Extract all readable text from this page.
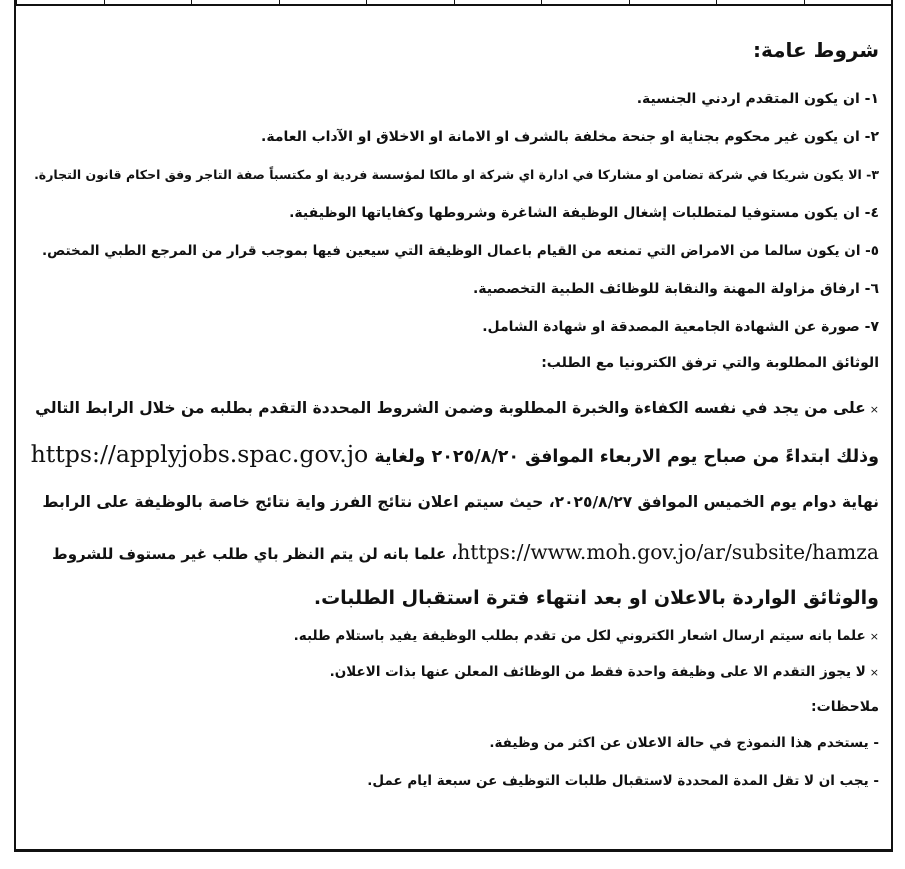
شروط عامة:
١- ان يكون المتقدم اردني الجنسية.
٢- ان يكون غير محكوم بجناية او جنحة مخلفة بالشرف او الامانة او الاخلاق او الآداب العامة.
٣- الا يكون شريكا في شركة تضامن او مشاركا في ادارة اي شركة او مالكا لمؤسسة فردية او مكتسباً صفة التاجر وفق احكام قانون التجارة.
٤- ان يكون مستوفيا لمتطلبات إشغال الوظيفة الشاغرة وشروطها وكفاياتها الوظيفية.
٥- ان يكون سالما من الامراض التي تمنعه من القيام باعمال الوظيفة التي سيعين فيها بموجب قرار من المرجع الطبي المختص.
٦- ارفاق مزاولة المهنة والنقابة للوظائف الطبية التخصصية.
٧- صورة عن الشهادة الجامعية المصدقة او شهادة الشامل.
الوثائق المطلوبة والتي ترفق الكترونيا مع الطلب:
×على من يجد في نفسه الكفاءة والخبرة المطلوبة وضمن الشروط المحددة التقدم بطلبه من خلال الرابط التالي
وذلك ابتداءً من صباح يوم الاربعاء الموافق ٢٠٢٥/٨/٢٠ ولغاية https://applyjobs.spac.gov.jo
نهاية دوام يوم الخميس الموافق ٢٠٢٥/٨/٢٧، حيث سيتم اعلان نتائج الفرز واية نتائج خاصة بالوظيفة على الرابط
https://www.moh.gov.jo/ar/subsite/hamza، علما بانه لن يتم النظر باي طلب غير مستوف للشروط
والوثائق الواردة بالاعلان او بعد انتهاء فترة استقبال الطلبات.
×علما بانه سيتم ارسال اشعار الكتروني لكل من تقدم بطلب الوظيفة يفيد باستلام طلبه.
×لا يجوز التقدم الا على وظيفة واحدة فقط من الوظائف المعلن عنها بذات الاعلان.
ملاحظات:
- يستخدم هذا النموذج في حالة الاعلان عن اكثر من وظيفة.
- يجب ان لا تقل المدة المحددة لاستقبال طلبات التوظيف عن سبعة ايام عمل.
